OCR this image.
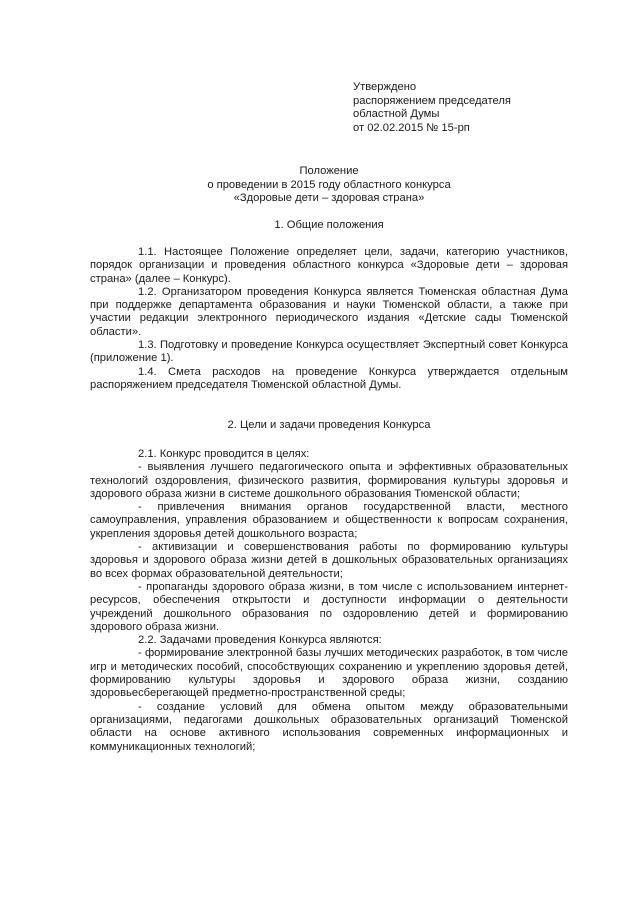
Утверждено
распоряжением председателя
областной Думы
от 02.02.2015 № 15-рп
Положение
о проведении в 2015 году областного конкурса
«Здоровые дети – здоровая страна»
1. Общие положения

1.1. Настоящее Положение определяет цели, задачи, категорию участников, порядок организации и проведения областного конкурса «Здоровые дети – здоровая страна» (далее – Конкурс).

1.2. Организатором проведения Конкурса является Тюменская областная Дума при поддержке департамента образования и науки Тюменской области, а также при участии редакции электронного периодического издания «Детские сады Тюменской области».

1.3. Подготовку и проведение Конкурса осуществляет Экспертный совет Конкурса (приложение 1).

1.4. Смета расходов на проведение Конкурса утверждается отдельным распоряжением председателя Тюменской областной Думы.

2. Цели и задачи проведения Конкурса

2.1. Конкурс проводится в целях:

- выявления лучшего педагогического опыта и эффективных образовательных технологий оздоровления, физического развития, формирования культуры здоровья и здорового образа жизни в системе дошкольного образования Тюменской области;

- привлечения внимания органов государственной власти, местного самоуправления, управления образованием и общественности к вопросам сохранения, укрепления здоровья детей дошкольного возраста;

- активизации и совершенствования работы по формированию культуры здоровья и здорового образа жизни детей в дошкольных образовательных организациях во всех формах образовательной деятельности;

- пропаганды здорового образа жизни, в том числе с использованием интернет-ресурсов, обеспечения открытости и доступности информации о деятельности учреждений дошкольного образования по оздоровлению детей и формированию здорового образа жизни.

2.2. Задачами проведения Конкурса являются:

- формирование электронной базы лучших методических разработок, в том числе игр и методических пособий, способствующих сохранению и укреплению здоровья детей, формированию культуры здоровья и здорового образа жизни, созданию здоровьесберегающей предметно-пространственной среды;

- создание условий для обмена опытом между образовательными организациями, педагогами дошкольных образовательных организаций Тюменской области на основе активного использования современных информационных и коммуникационных технологий;
